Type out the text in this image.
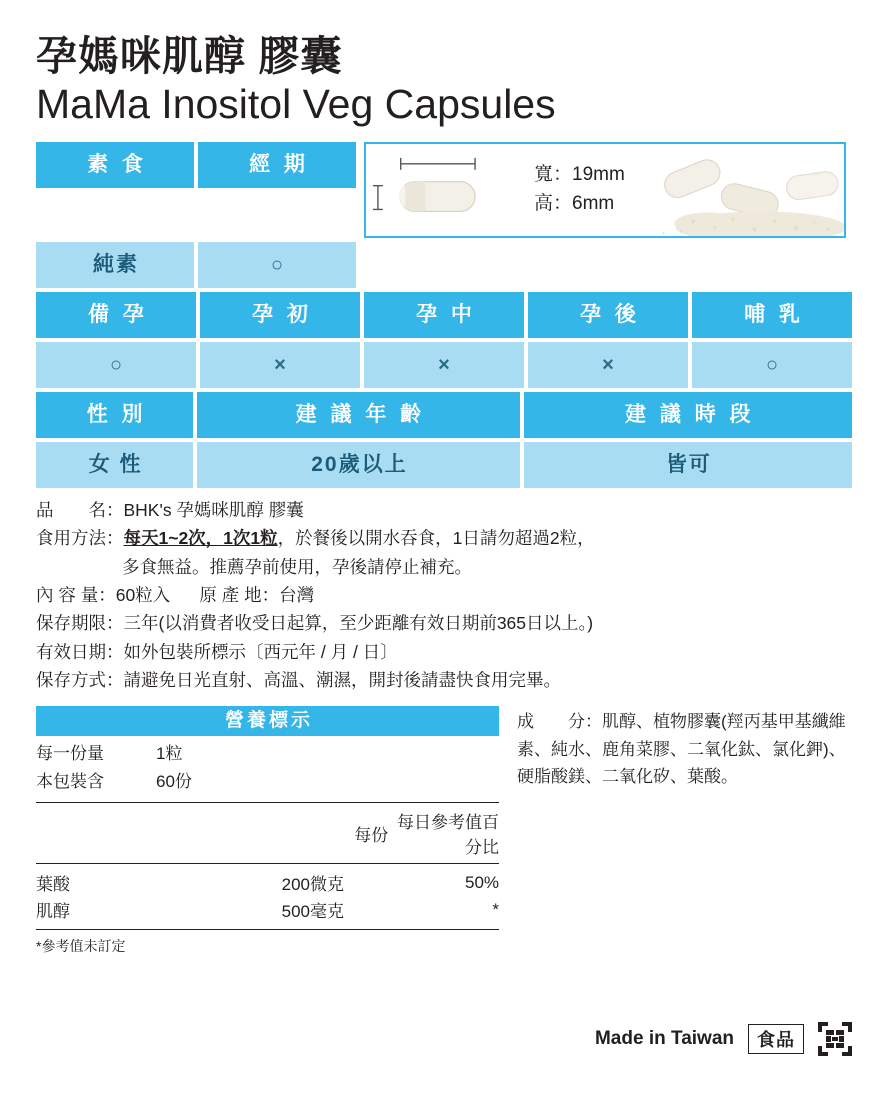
孕媽咪肌醇 膠囊
MaMa Inositol Veg Capsules
素 食	經 期	寬：19mm
高：6mm
純素	○
備 孕	孕 初	孕 中	孕 後	哺 乳
○	×	×	×	○
性 別	建 議 年 齡	建 議 時 段
女 性	20歲以上	皆可
品　　名：BHK's 孕媽咪肌醇 膠囊
食用方法：每天1~2次，1次1粒，於餐後以開水吞食，1日請勿超過2粒，
多食無益。推薦孕前使用，孕後請停止補充。
內 容 量：60粒入 原 產 地：台灣
保存期限：三年(以消費者收受日起算，至少距離有效日期前365日以上。)
有效日期：如外包裝所標示〔西元年 / 月 / 日〕
保存方式：請避免日光直射、高溫、潮濕，開封後請盡快食用完畢。
營養標示
每一份量	1粒
本包裝含	60份
	每份	每日參考值百分比
葉酸	200微克	50%
肌醇	500毫克	*
*參考值未訂定
成　　分：肌醇、植物膠囊(羥丙基甲基纖維素、純水、鹿角菜膠、二氧化鈦、氯化鉀)、硬脂酸鎂、二氧化矽、葉酸。
Made in Taiwan	食品
